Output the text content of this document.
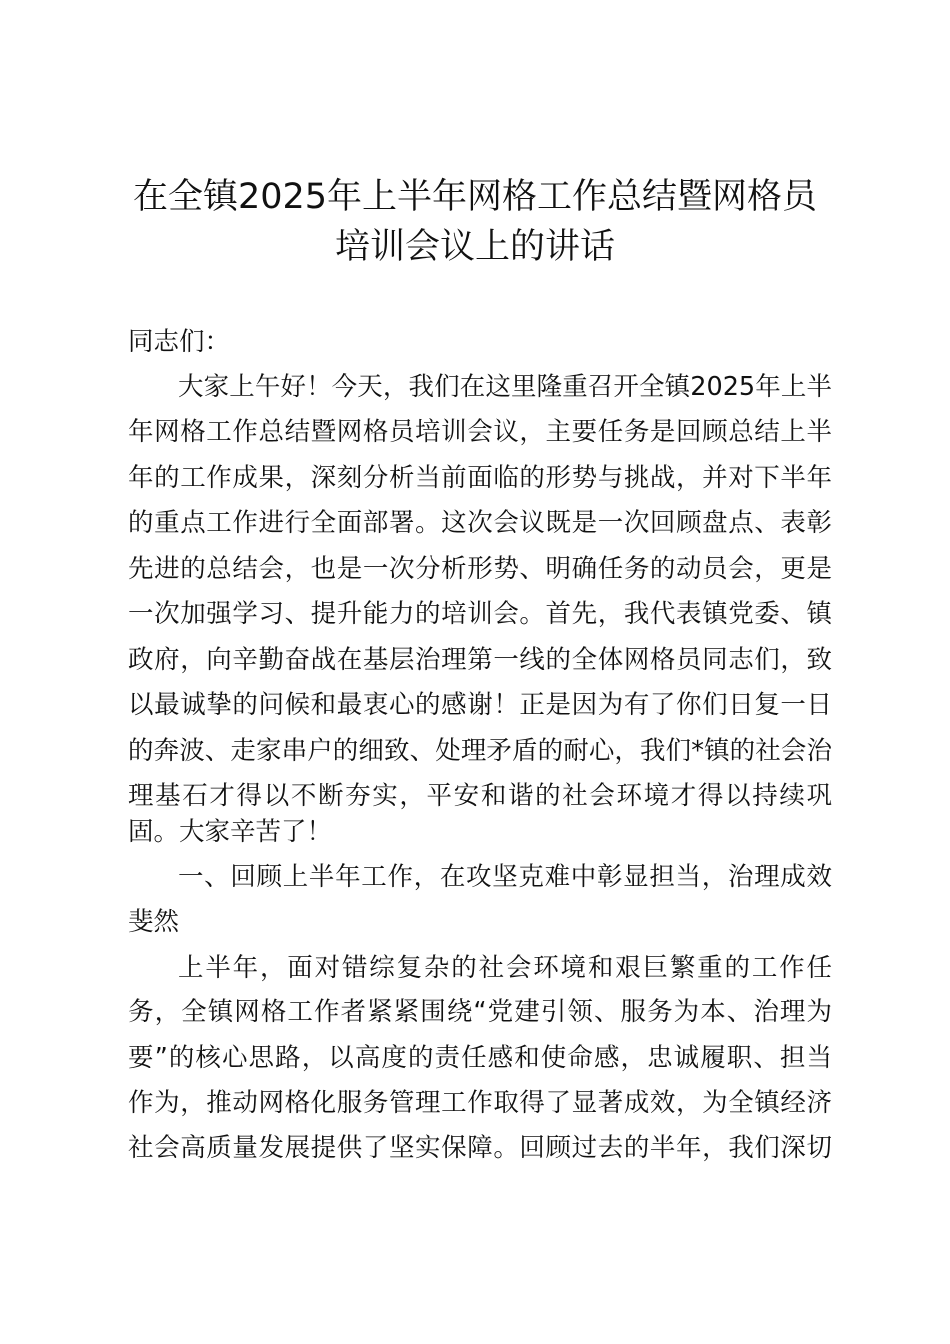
在全镇2025年上半年网格工作总结暨网格员
培训会议上的讲话
同志们：
大家上午好！今天，我们在这里隆重召开全镇2025年上半
年网格工作总结暨网格员培训会议，主要任务是回顾总结上半
年的工作成果，深刻分析当前面临的形势与挑战，并对下半年
的重点工作进行全面部署。这次会议既是一次回顾盘点、表彰
先进的总结会，也是一次分析形势、明确任务的动员会，更是
一次加强学习、提升能力的培训会。首先，我代表镇党委、镇
政府，向辛勤奋战在基层治理第一线的全体网格员同志们，致
以最诚挚的问候和最衷心的感谢！正是因为有了你们日复一日
的奔波、走家串户的细致、处理矛盾的耐心，我们*镇的社会治
理基石才得以不断夯实，平安和谐的社会环境才得以持续巩
固。大家辛苦了！
一、回顾上半年工作，在攻坚克难中彰显担当，治理成效
斐然
上半年，面对错综复杂的社会环境和艰巨繁重的工作任
务，全镇网格工作者紧紧围绕“党建引领、服务为本、治理为
要”的核心思路，以高度的责任感和使命感，忠诚履职、担当
作为，推动网格化服务管理工作取得了显著成效，为全镇经济
社会高质量发展提供了坚实保障。回顾过去的半年，我们深切
